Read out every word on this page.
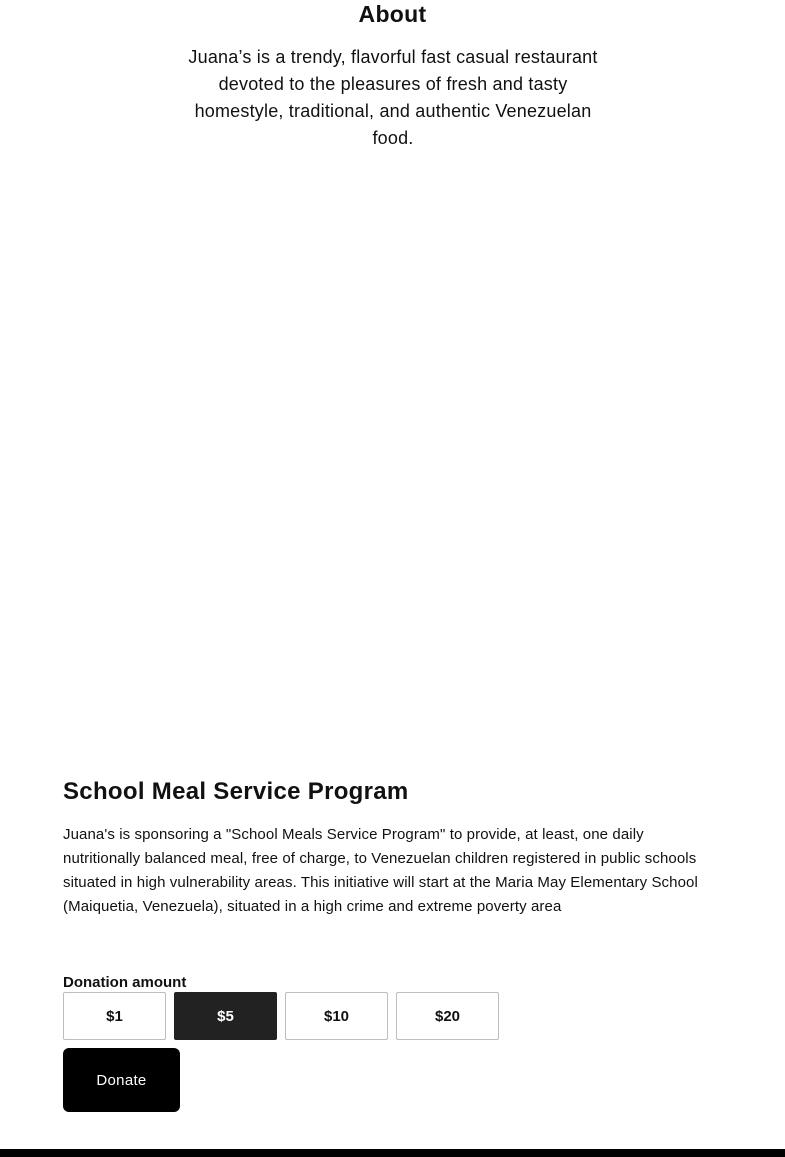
About

Juana’s is a trendy, flavorful fast casual restaurant devoted to the pleasures of fresh and tasty homestyle, traditional, and authentic Venezuelan food.

School Meal Service Program

Juana's is sponsoring a "School Meals Service Program" to provide, at least, one daily nutritionally balanced meal, free of charge, to Venezuelan children registered in public schools situated in high vulnerability areas. This initiative will start at the Maria May Elementary School (Maiquetia, Venezuela), situated in a high crime and extreme poverty area

Donation amount
$1	$5	$10	$20
Donate
